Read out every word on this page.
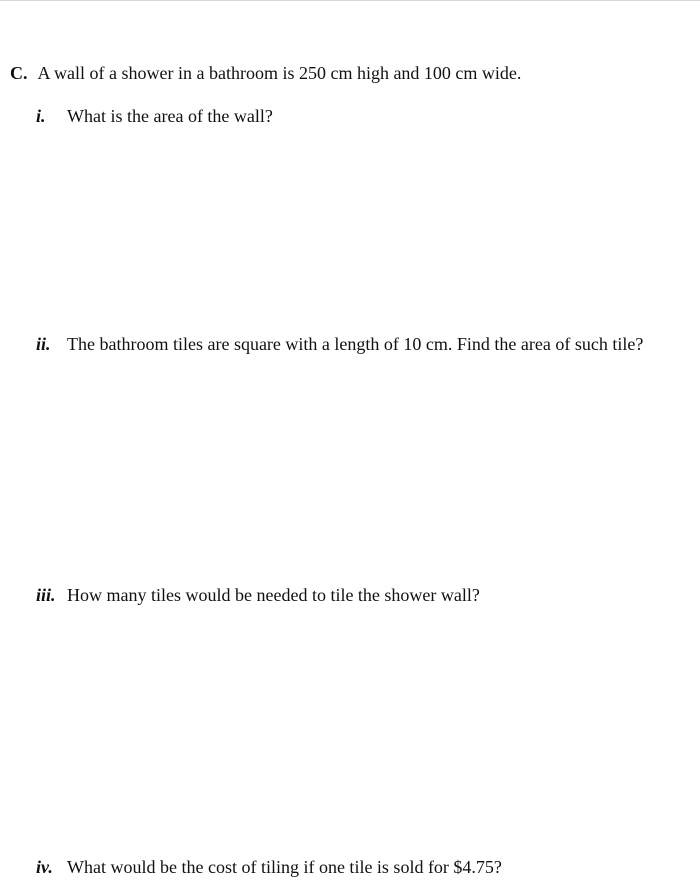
C. A wall of a shower in a bathroom is 250 cm high and 100 cm wide.
i. What is the area of the wall?
ii. The bathroom tiles are square with a length of 10 cm. Find the area of such tile?
iii. How many tiles would be needed to tile the shower wall?
iv. What would be the cost of tiling if one tile is sold for $4.75?
